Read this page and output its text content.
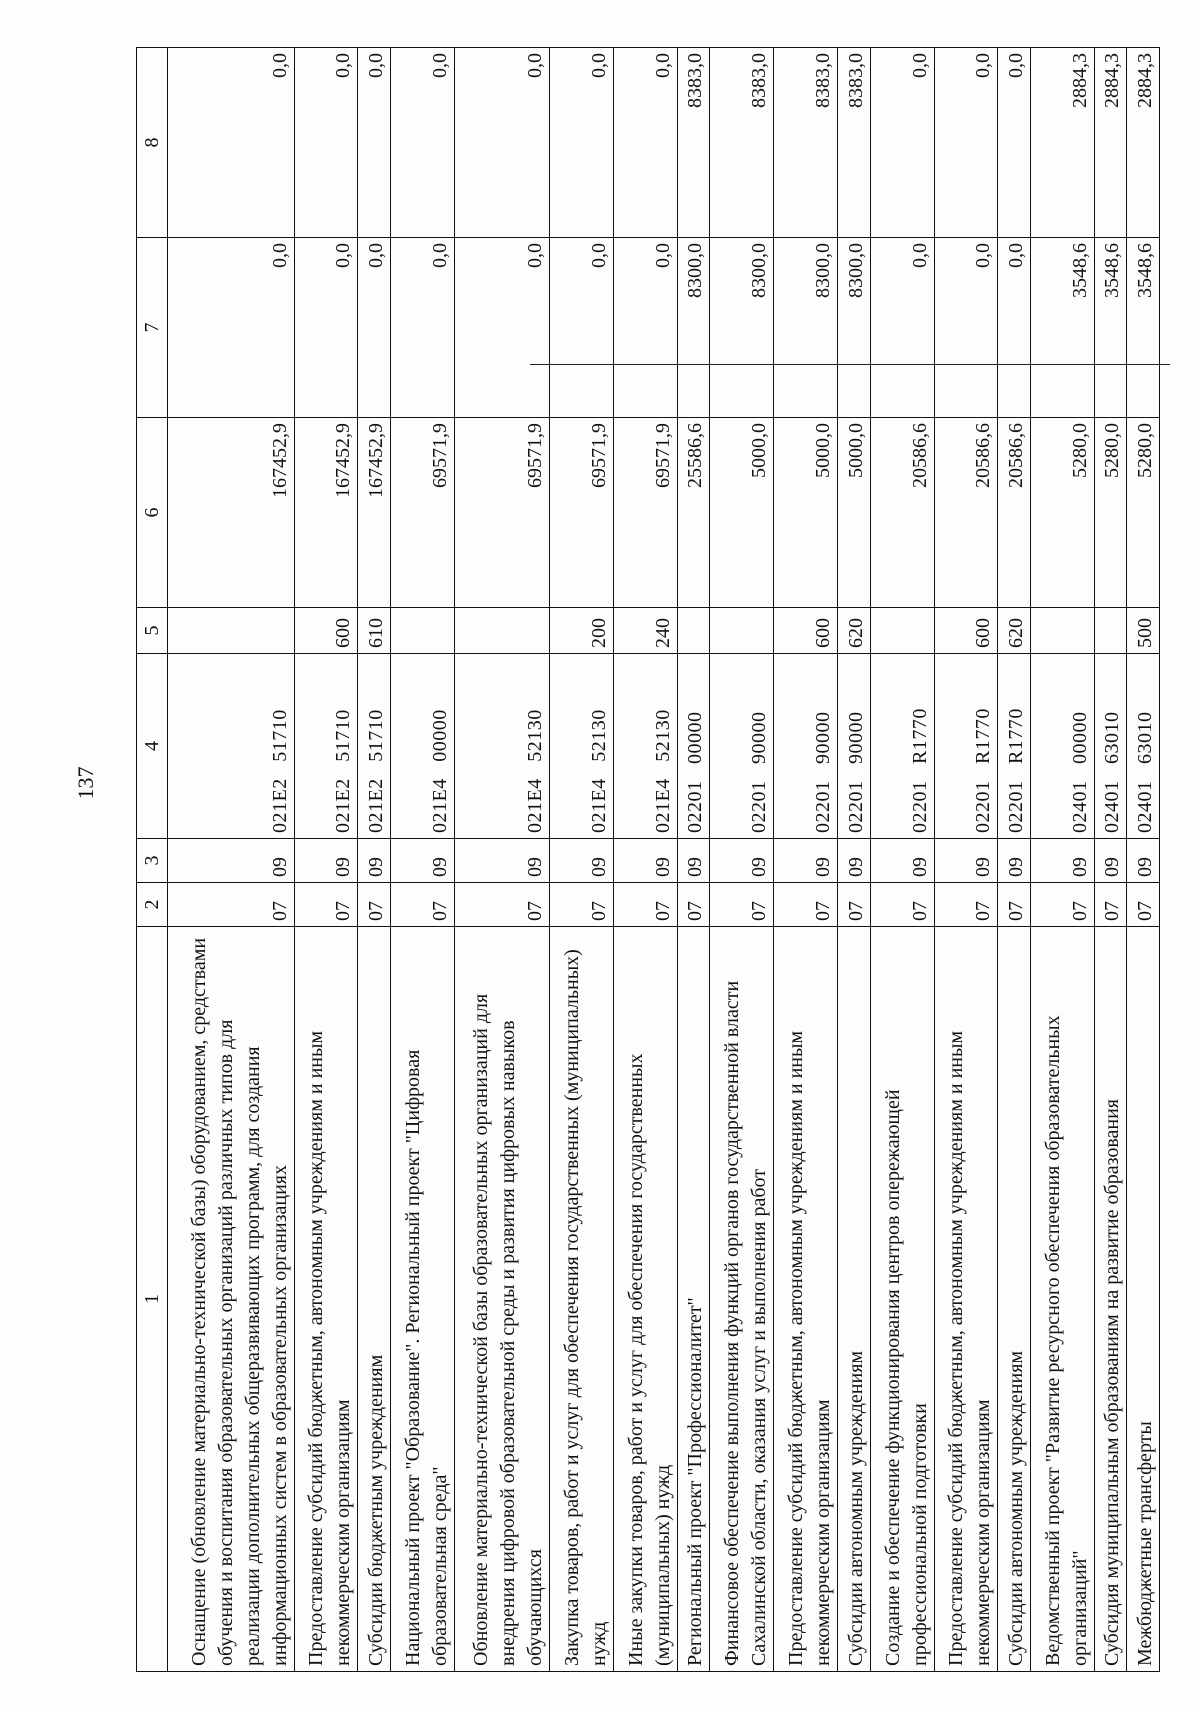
137
1	2	3	4	5	6	7	8
Оснащение (обновление материально-технической базы) оборудованием, средствами обучения и воспитания образовательных организаций различных типов для реализации дополнительных общеразвивающих программ, для создания информационных систем в образовательных организациях	07	09	021E2   51710		167452,9	0,0	0,0
Предоставление субсидий бюджетным, автономным учреждениям и иным некоммерческим организациям	07	09	021E2   51710	600	167452,9	0,0	0,0
Субсидии бюджетным учреждениям	07	09	021E2   51710	610	167452,9	0,0	0,0
Национальный проект "Образование". Региональный проект "Цифровая образовательная среда"	07	09	021E4   00000		69571,9	0,0	0,0
Обновление материально-технической базы образовательных организаций для внедрения цифровой образовательной среды и развития цифровых навыков обучающихся	07	09	021E4   52130		69571,9	0,0	0,0
Закупка товаров, работ и услуг для обеспечения государственных (муниципальных) нужд	07	09	021E4   52130	200	69571,9	0,0	0,0
Иные закупки товаров, работ и услуг для обеспечения государственных (муниципальных) нужд	07	09	021E4   52130	240	69571,9	0,0	0,0
Региональный проект "Профессионалитет"	07	09	02201   00000		25586,6	8300,0	8383,0
Финансовое обеспечение выполнения функций органов государственной власти Сахалинской области, оказания услуг и выполнения работ	07	09	02201   90000		5000,0	8300,0	8383,0
Предоставление субсидий бюджетным, автономным учреждениям и иным некоммерческим организациям	07	09	02201   90000	600	5000,0	8300,0	8383,0
Субсидии автономным учреждениям	07	09	02201   90000	620	5000,0	8300,0	8383,0
Создание и обеспечение функционирования центров опережающей профессиональной подготовки	07	09	02201   R1770		20586,6	0,0	0,0
Предоставление субсидий бюджетным, автономным учреждениям и иным некоммерческим организациям	07	09	02201   R1770	600	20586,6	0,0	0,0
Субсидии автономным учреждениям	07	09	02201   R1770	620	20586,6	0,0	0,0
Ведомственный проект "Развитие ресурсного обеспечения образовательных организаций"	07	09	02401   00000		5280,0	3548,6	2884,3
Субсидия муниципальным образованиям на развитие образования	07	09	02401   63010		5280,0	3548,6	2884,3
Межбюджетные трансферты	07	09	02401   63010	500	5280,0	3548,6	2884,3
